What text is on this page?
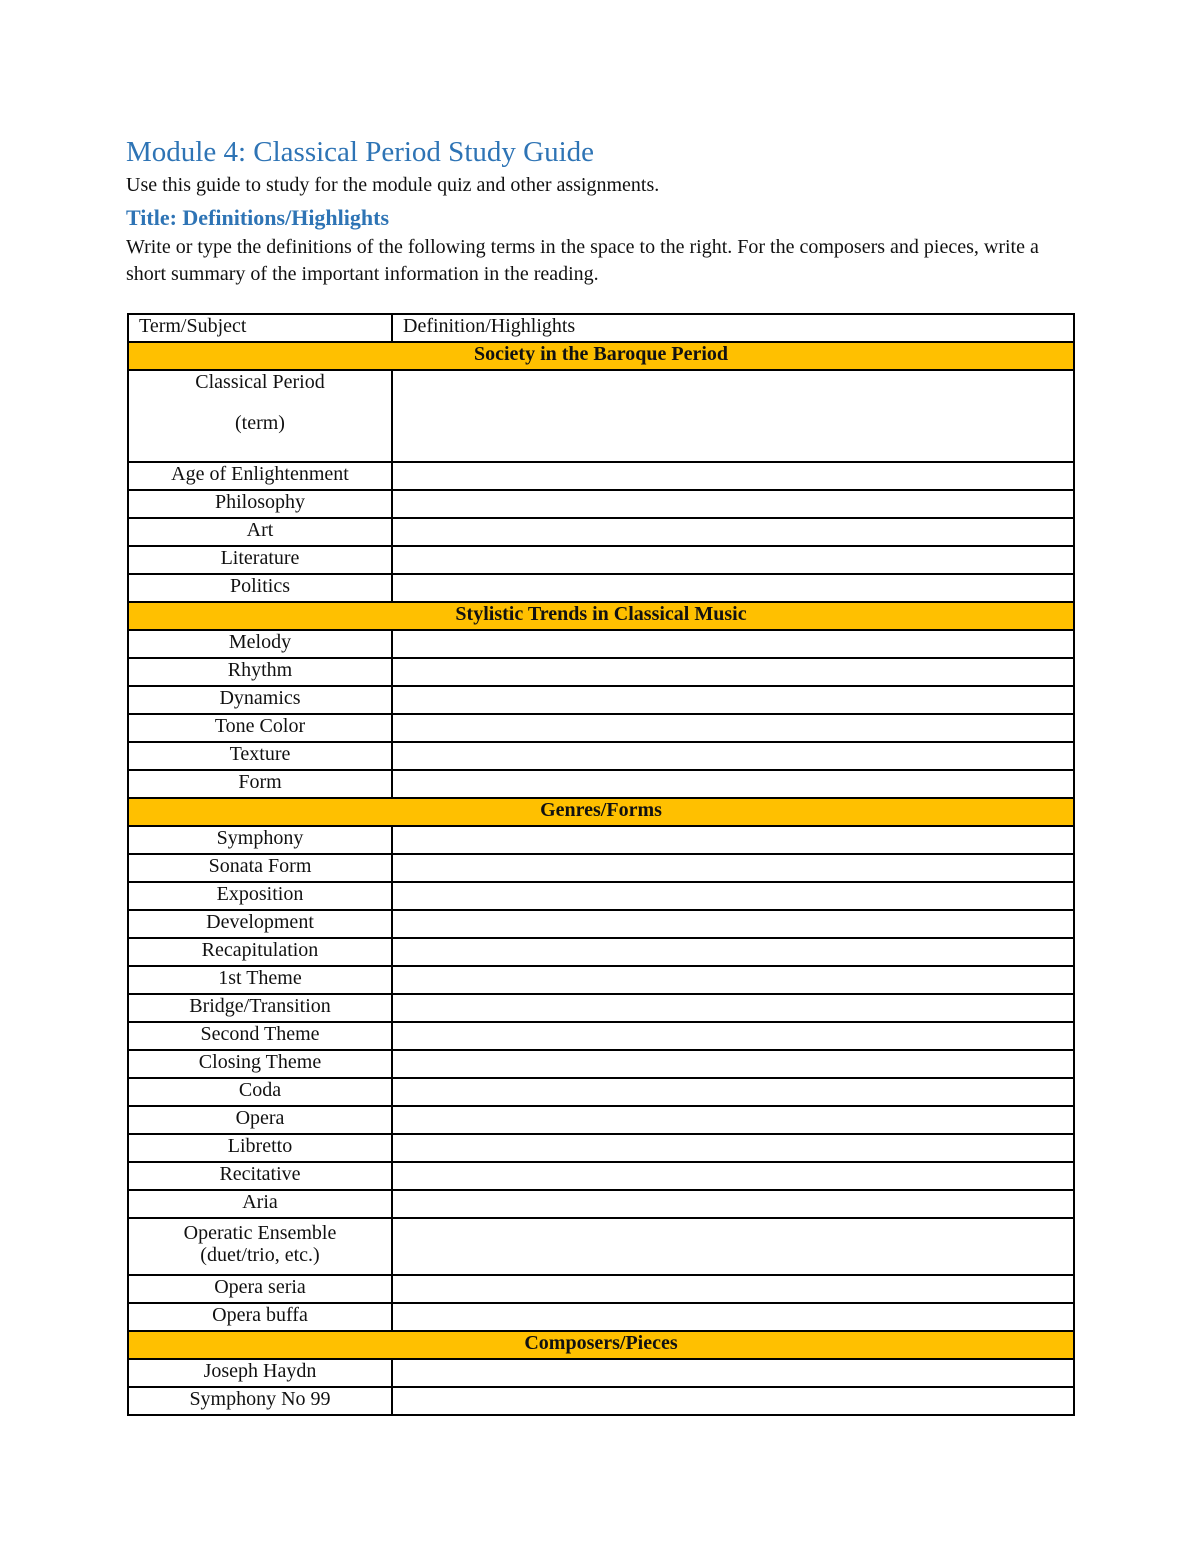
Module 4: Classical Period Study Guide
Use this guide to study for the module quiz and other assignments.
Title: Definitions/Highlights
Write or type the definitions of the following terms in the space to the right. For the composers and pieces, write a short summary of the important information in the reading.
Term/Subject	Definition/Highlights
Society in the Baroque Period	
Classical Period
(term)	

Age of Enlightenment	
Philosophy	
Art	
Literature	
Politics	
Stylistic Trends in Classical Music	
Melody	
Rhythm	
Dynamics	
Tone Color	
Texture	
Form	
Genres/Forms	
Symphony	
Sonata Form	
Exposition	
Development	
Recapitulation	
1st Theme	
Bridge/Transition	
Second Theme	
Closing Theme	
Coda	
Opera	
Libretto	
Recitative	
Aria	
Operatic Ensemble (duet/trio, etc.)	
Opera seria	
Opera buffa	
Composers/Pieces	
Joseph Haydn	
Symphony No 99	
